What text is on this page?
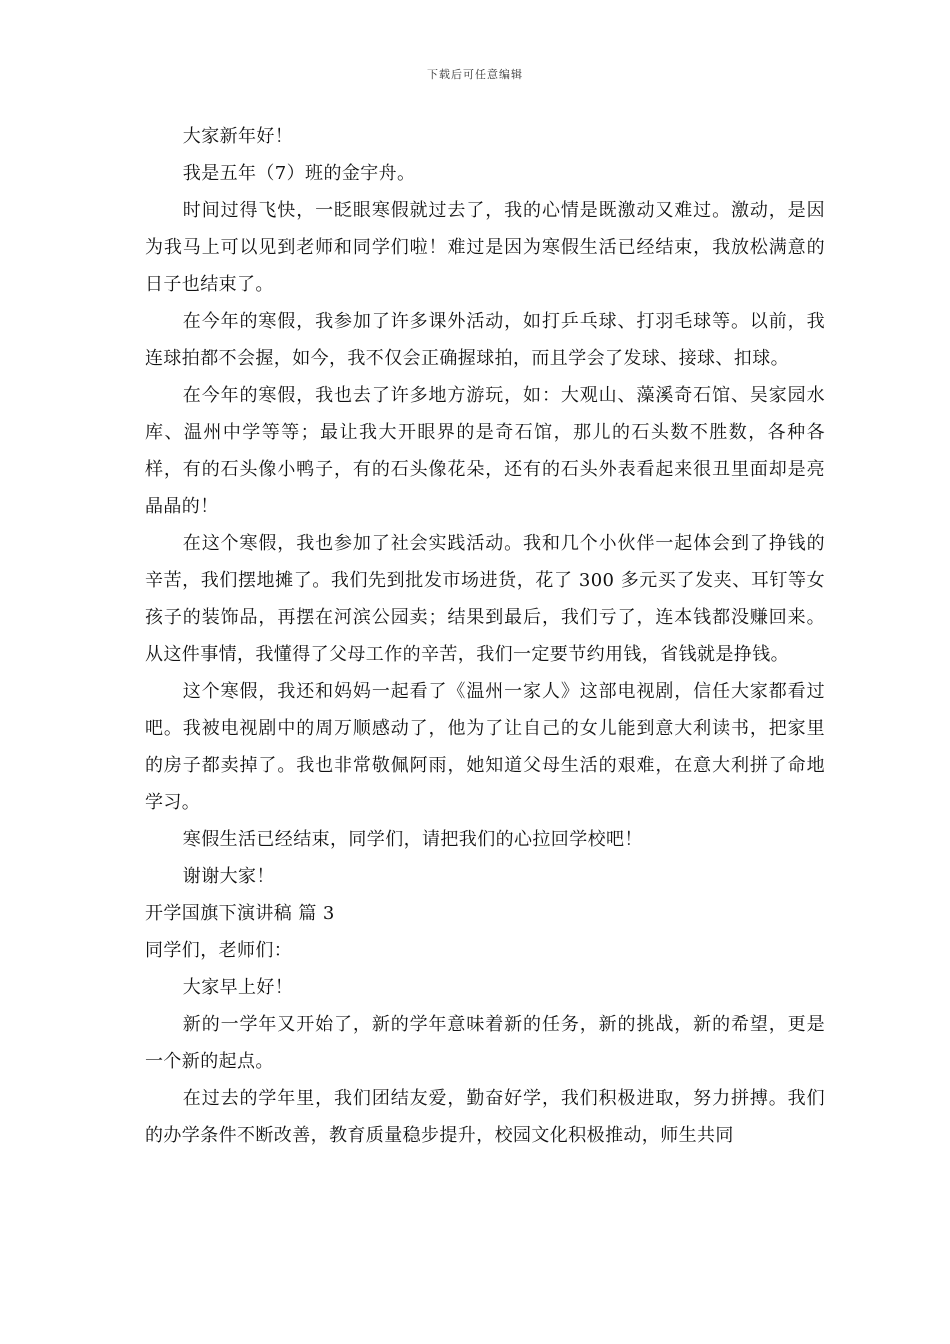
下载后可任意编辑

大家新年好！

我是五年（7）班的金宇舟。

时间过得飞快，一眨眼寒假就过去了，我的心情是既激动又难过。激动，是因为我马上可以见到老师和同学们啦！难过是因为寒假生活已经结束，我放松满意的日子也结束了。

在今年的寒假，我参加了许多课外活动，如打乒乓球、打羽毛球等。以前，我连球拍都不会握，如今，我不仅会正确握球拍，而且学会了发球、接球、扣球。

在今年的寒假，我也去了许多地方游玩，如：大观山、藻溪奇石馆、吴家园水库、温州中学等等；最让我大开眼界的是奇石馆，那儿的石头数不胜数，各种各样，有的石头像小鸭子，有的石头像花朵，还有的石头外表看起来很丑里面却是亮晶晶的！

在这个寒假，我也参加了社会实践活动。我和几个小伙伴一起体会到了挣钱的辛苦，我们摆地摊了。我们先到批发市场进货，花了 300 多元买了发夹、耳钉等女孩子的装饰品，再摆在河滨公园卖；结果到最后，我们亏了，连本钱都没赚回来。从这件事情，我懂得了父母工作的辛苦，我们一定要节约用钱，省钱就是挣钱。

这个寒假，我还和妈妈一起看了《温州一家人》这部电视剧，信任大家都看过吧。我被电视剧中的周万顺感动了，他为了让自己的女儿能到意大利读书，把家里的房子都卖掉了。我也非常敬佩阿雨，她知道父母生活的艰难，在意大利拼了命地学习。

寒假生活已经结束，同学们，请把我们的心拉回学校吧！

谢谢大家！

开学国旗下演讲稿 篇 3

同学们，老师们：

大家早上好！

新的一学年又开始了，新的学年意味着新的任务，新的挑战，新的希望，更是一个新的起点。

在过去的学年里，我们团结友爱，勤奋好学，我们积极进取，努力拼搏。我们的办学条件不断改善，教育质量稳步提升，校园文化积极推动，师生共同
